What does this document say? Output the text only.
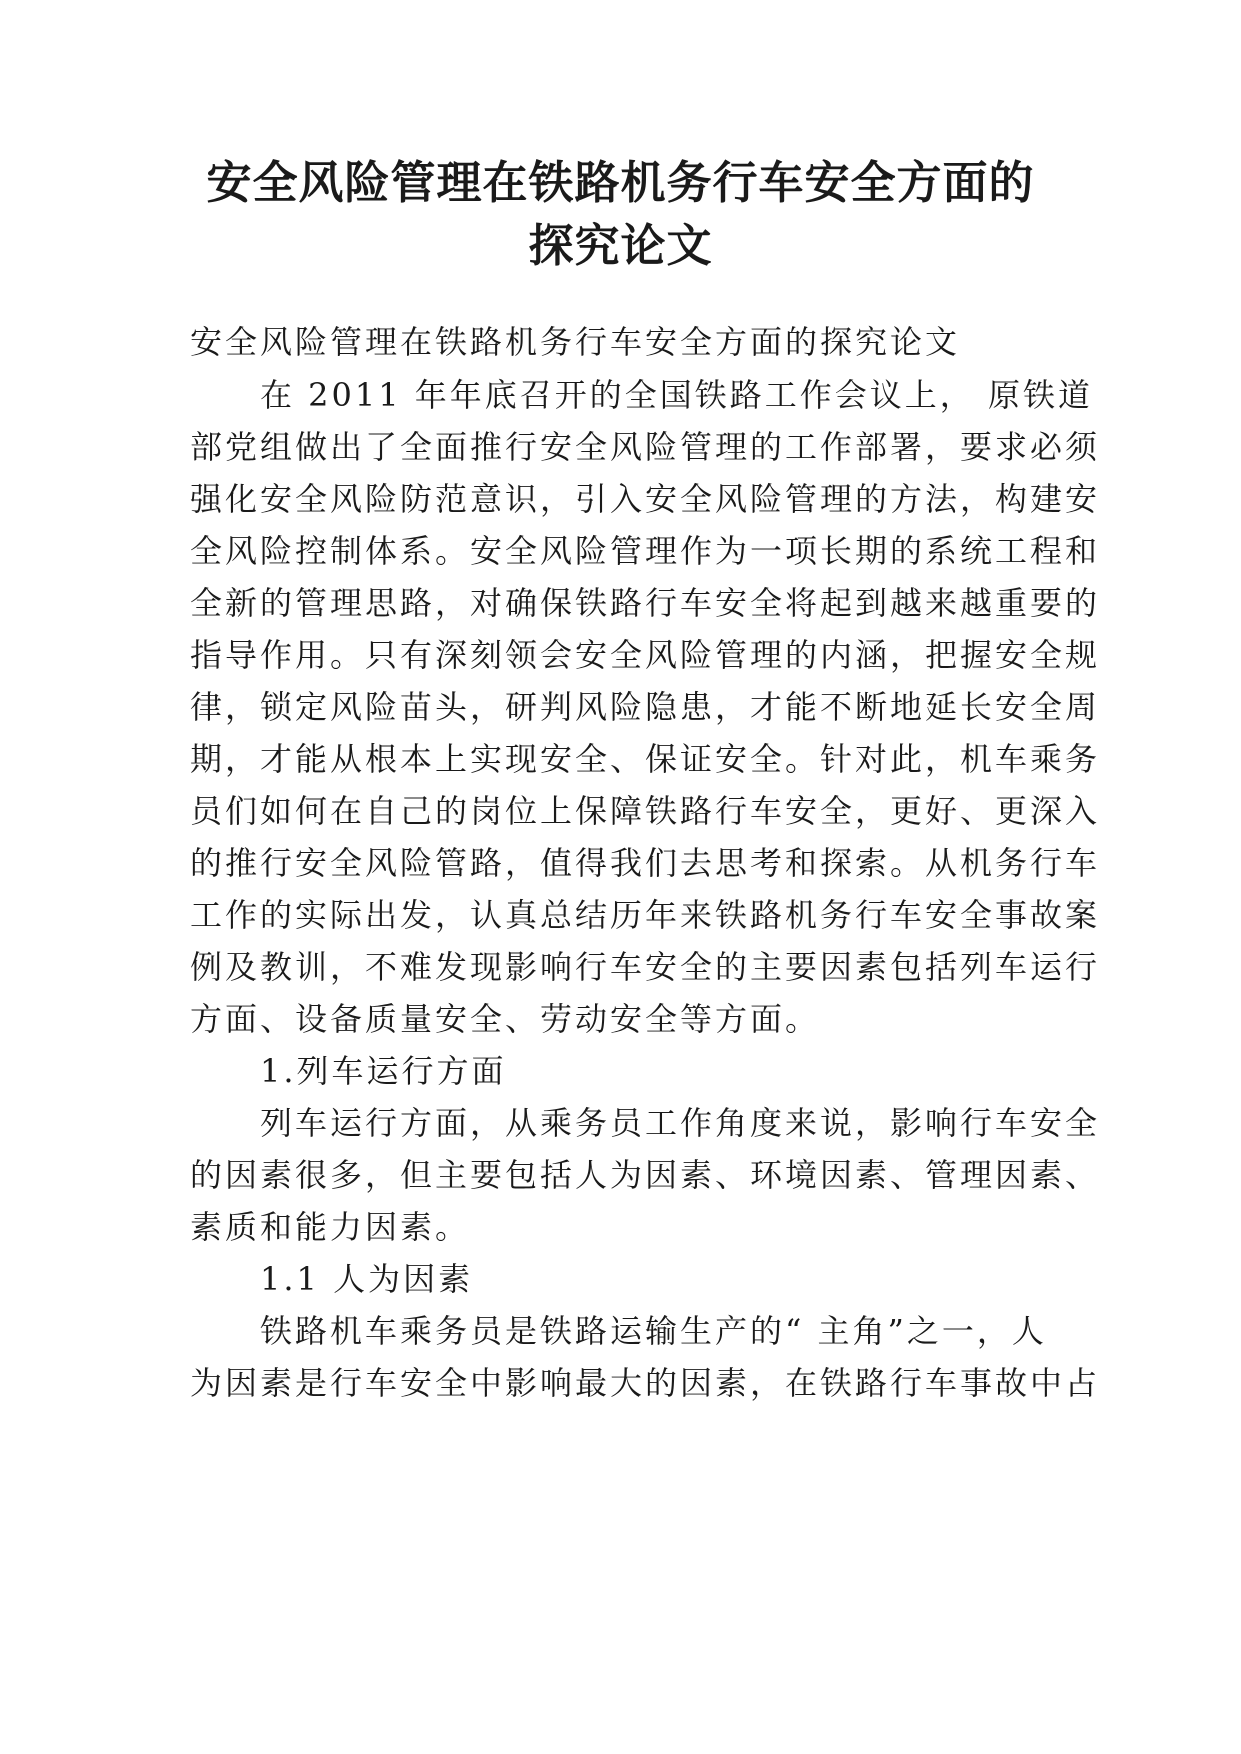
安全风险管理在铁路机务行车安全方面的
探究论文
安全风险管理在铁路机务行车安全方面的探究论文
　　在 2011 年年底召开的全国铁路工作会议上， 原铁道
部党组做出了全面推行安全风险管理的工作部署，要求必须
强化安全风险防范意识，引入安全风险管理的方法，构建安
全风险控制体系。安全风险管理作为一项长期的系统工程和
全新的管理思路，对确保铁路行车安全将起到越来越重要的
指导作用。只有深刻领会安全风险管理的内涵，把握安全规
律，锁定风险苗头，研判风险隐患，才能不断地延长安全周
期，才能从根本上实现安全、保证安全。针对此，机车乘务
员们如何在自己的岗位上保障铁路行车安全，更好、更深入
的推行安全风险管路，值得我们去思考和探索。从机务行车
工作的实际出发，认真总结历年来铁路机务行车安全事故案
例及教训，不难发现影响行车安全的主要因素包括列车运行
方面、设备质量安全、劳动安全等方面。
　　1.列车运行方面
　　列车运行方面，从乘务员工作角度来说，影响行车安全
的因素很多，但主要包括人为因素、环境因素、管理因素、
素质和能力因素。
　　1.1 人为因素
　　铁路机车乘务员是铁路运输生产的“ 主角”之一，人
为因素是行车安全中影响最大的因素，在铁路行车事故中占
